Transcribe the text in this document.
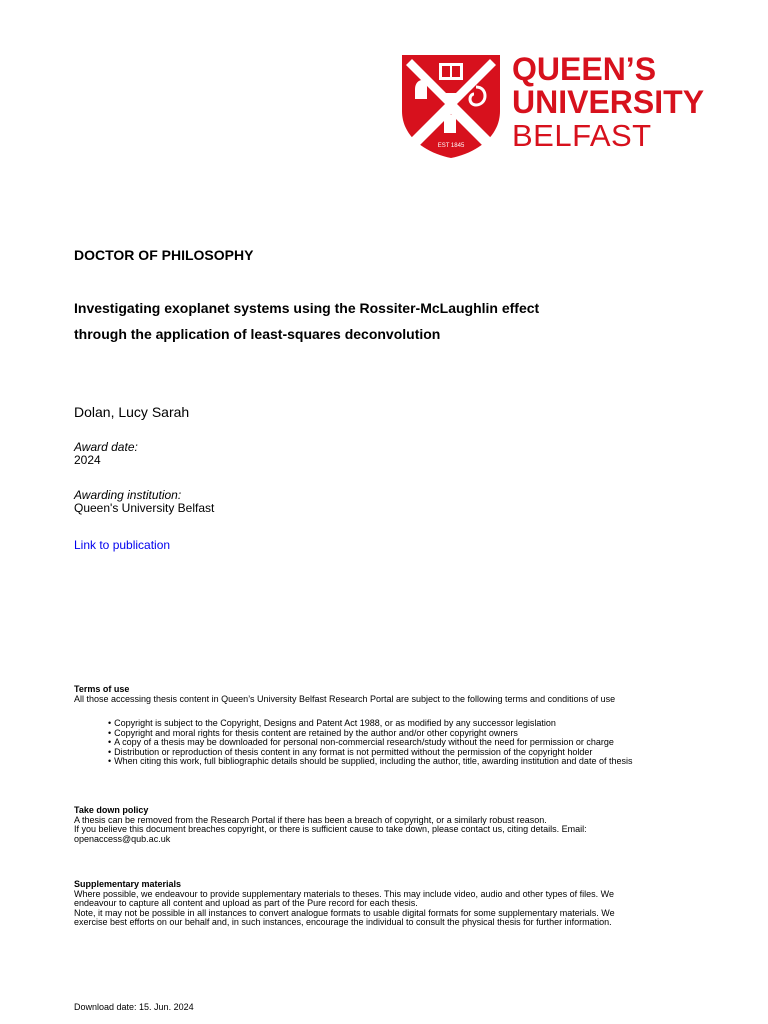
EST 1845
QUEEN’S
UNIVERSITY
BELFAST
DOCTOR OF PHILOSOPHY
Investigating exoplanet systems using the Rossiter-McLaughlin effect
through the application of least-squares deconvolution
Dolan, Lucy Sarah
Award date:
2024
Awarding institution:
Queen's University Belfast
Link to publication
Terms of use

All those accessing thesis content in Queen’s University Belfast Research Portal are subject to the following terms and conditions of use

• Copyright is subject to the Copyright, Designs and Patent Act 1988, or as modified by any successor legislation
• Copyright and moral rights for thesis content are retained by the author and/or other copyright owners
• A copy of a thesis may be downloaded for personal non-commercial research/study without the need for permission or charge
• Distribution or reproduction of thesis content in any format is not permitted without the permission of the copyright holder
• When citing this work, full bibliographic details should be supplied, including the author, title, awarding institution and date of thesis
Take down policy

A thesis can be removed from the Research Portal if there has been a breach of copyright, or a similarly robust reason.

If you believe this document breaches copyright, or there is sufficient cause to take down, please contact us, citing details. Email:

openaccess@qub.ac.uk

Supplementary materials

Where possible, we endeavour to provide supplementary materials to theses. This may include video, audio and other types of files. We

endeavour to capture all content and upload as part of the Pure record for each thesis.

Note, it may not be possible in all instances to convert analogue formats to usable digital formats for some supplementary materials. We

exercise best efforts on our behalf and, in such instances, encourage the individual to consult the physical thesis for further information.

Download date: 15. Jun. 2024
